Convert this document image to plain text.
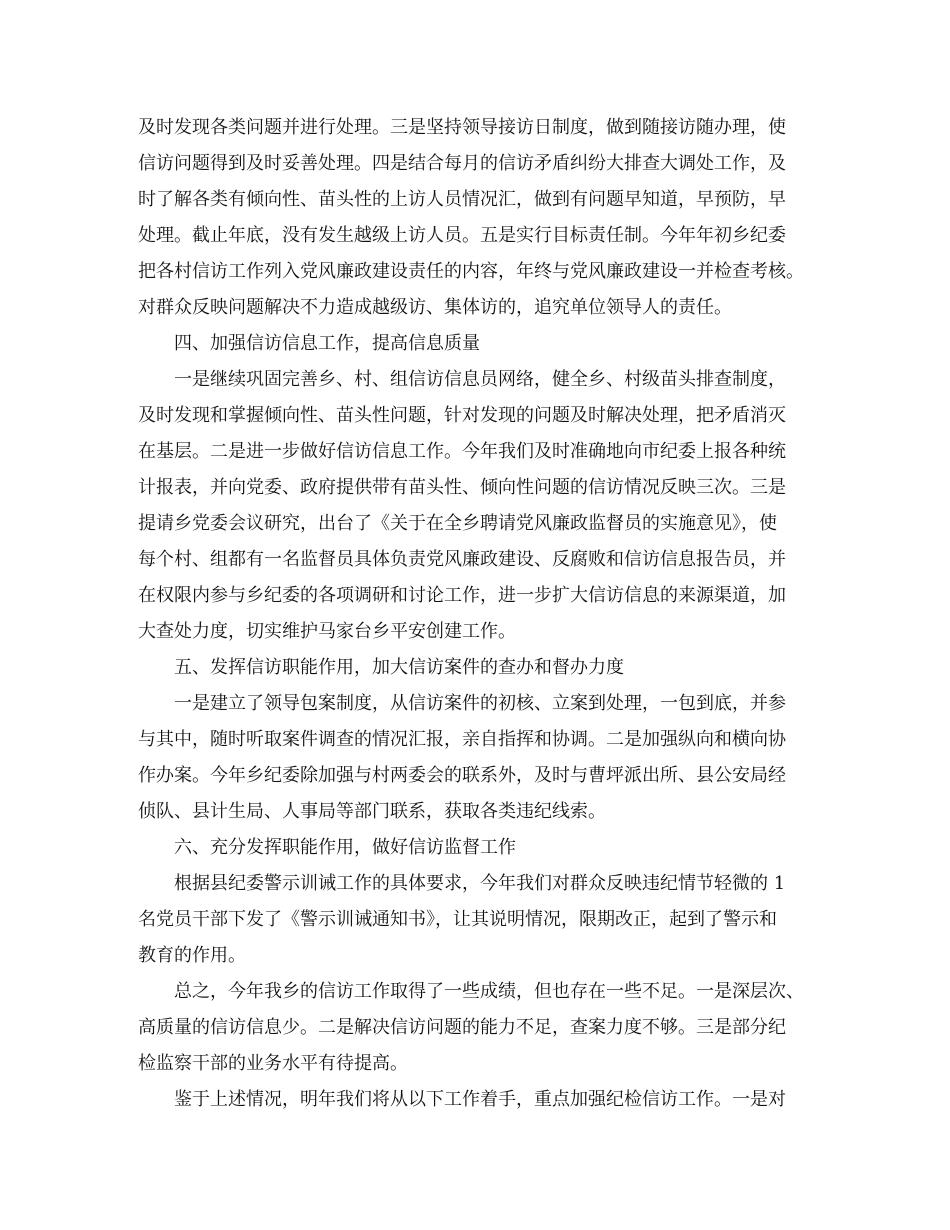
及时发现各类问题并进行处理。三是坚持领导接访日制度，做到随接访随办理，使
信访问题得到及时妥善处理。四是结合每月的信访矛盾纠纷大排查大调处工作，及
时了解各类有倾向性、苗头性的上访人员情况汇，做到有问题早知道，早预防，早
处理。截止年底，没有发生越级上访人员。五是实行目标责任制。今年年初乡纪委
把各村信访工作列入党风廉政建设责任的内容，年终与党风廉政建设一并检查考核。
对群众反映问题解决不力造成越级访、集体访的，追究单位领导人的责任。
四、加强信访信息工作，提高信息质量
一是继续巩固完善乡、村、组信访信息员网络，健全乡、村级苗头排查制度，
及时发现和掌握倾向性、苗头性问题，针对发现的问题及时解决处理，把矛盾消灭
在基层。二是进一步做好信访信息工作。今年我们及时准确地向市纪委上报各种统
计报表，并向党委、政府提供带有苗头性、倾向性问题的信访情况反映三次。三是
提请乡党委会议研究，出台了《关于在全乡聘请党风廉政监督员的实施意见》，使
每个村、组都有一名监督员具体负责党风廉政建设、反腐败和信访信息报告员，并
在权限内参与乡纪委的各项调研和讨论工作，进一步扩大信访信息的来源渠道，加
大查处力度，切实维护马家台乡平安创建工作。
五、发挥信访职能作用，加大信访案件的查办和督办力度
一是建立了领导包案制度，从信访案件的初核、立案到处理，一包到底，并参
与其中，随时听取案件调查的情况汇报，亲自指挥和协调。二是加强纵向和横向协
作办案。今年乡纪委除加强与村两委会的联系外，及时与曹坪派出所、县公安局经
侦队、县计生局、人事局等部门联系，获取各类违纪线索。
六、充分发挥职能作用，做好信访监督工作
根据县纪委警示训诫工作的具体要求，今年我们对群众反映违纪情节轻微的 1
名党员干部下发了《警示训诫通知书》，让其说明情况，限期改正，起到了警示和
教育的作用。
总之，今年我乡的信访工作取得了一些成绩，但也存在一些不足。一是深层次、
高质量的信访信息少。二是解决信访问题的能力不足，查案力度不够。三是部分纪
检监察干部的业务水平有待提高。
鉴于上述情况，明年我们将从以下工作着手，重点加强纪检信访工作。一是对
